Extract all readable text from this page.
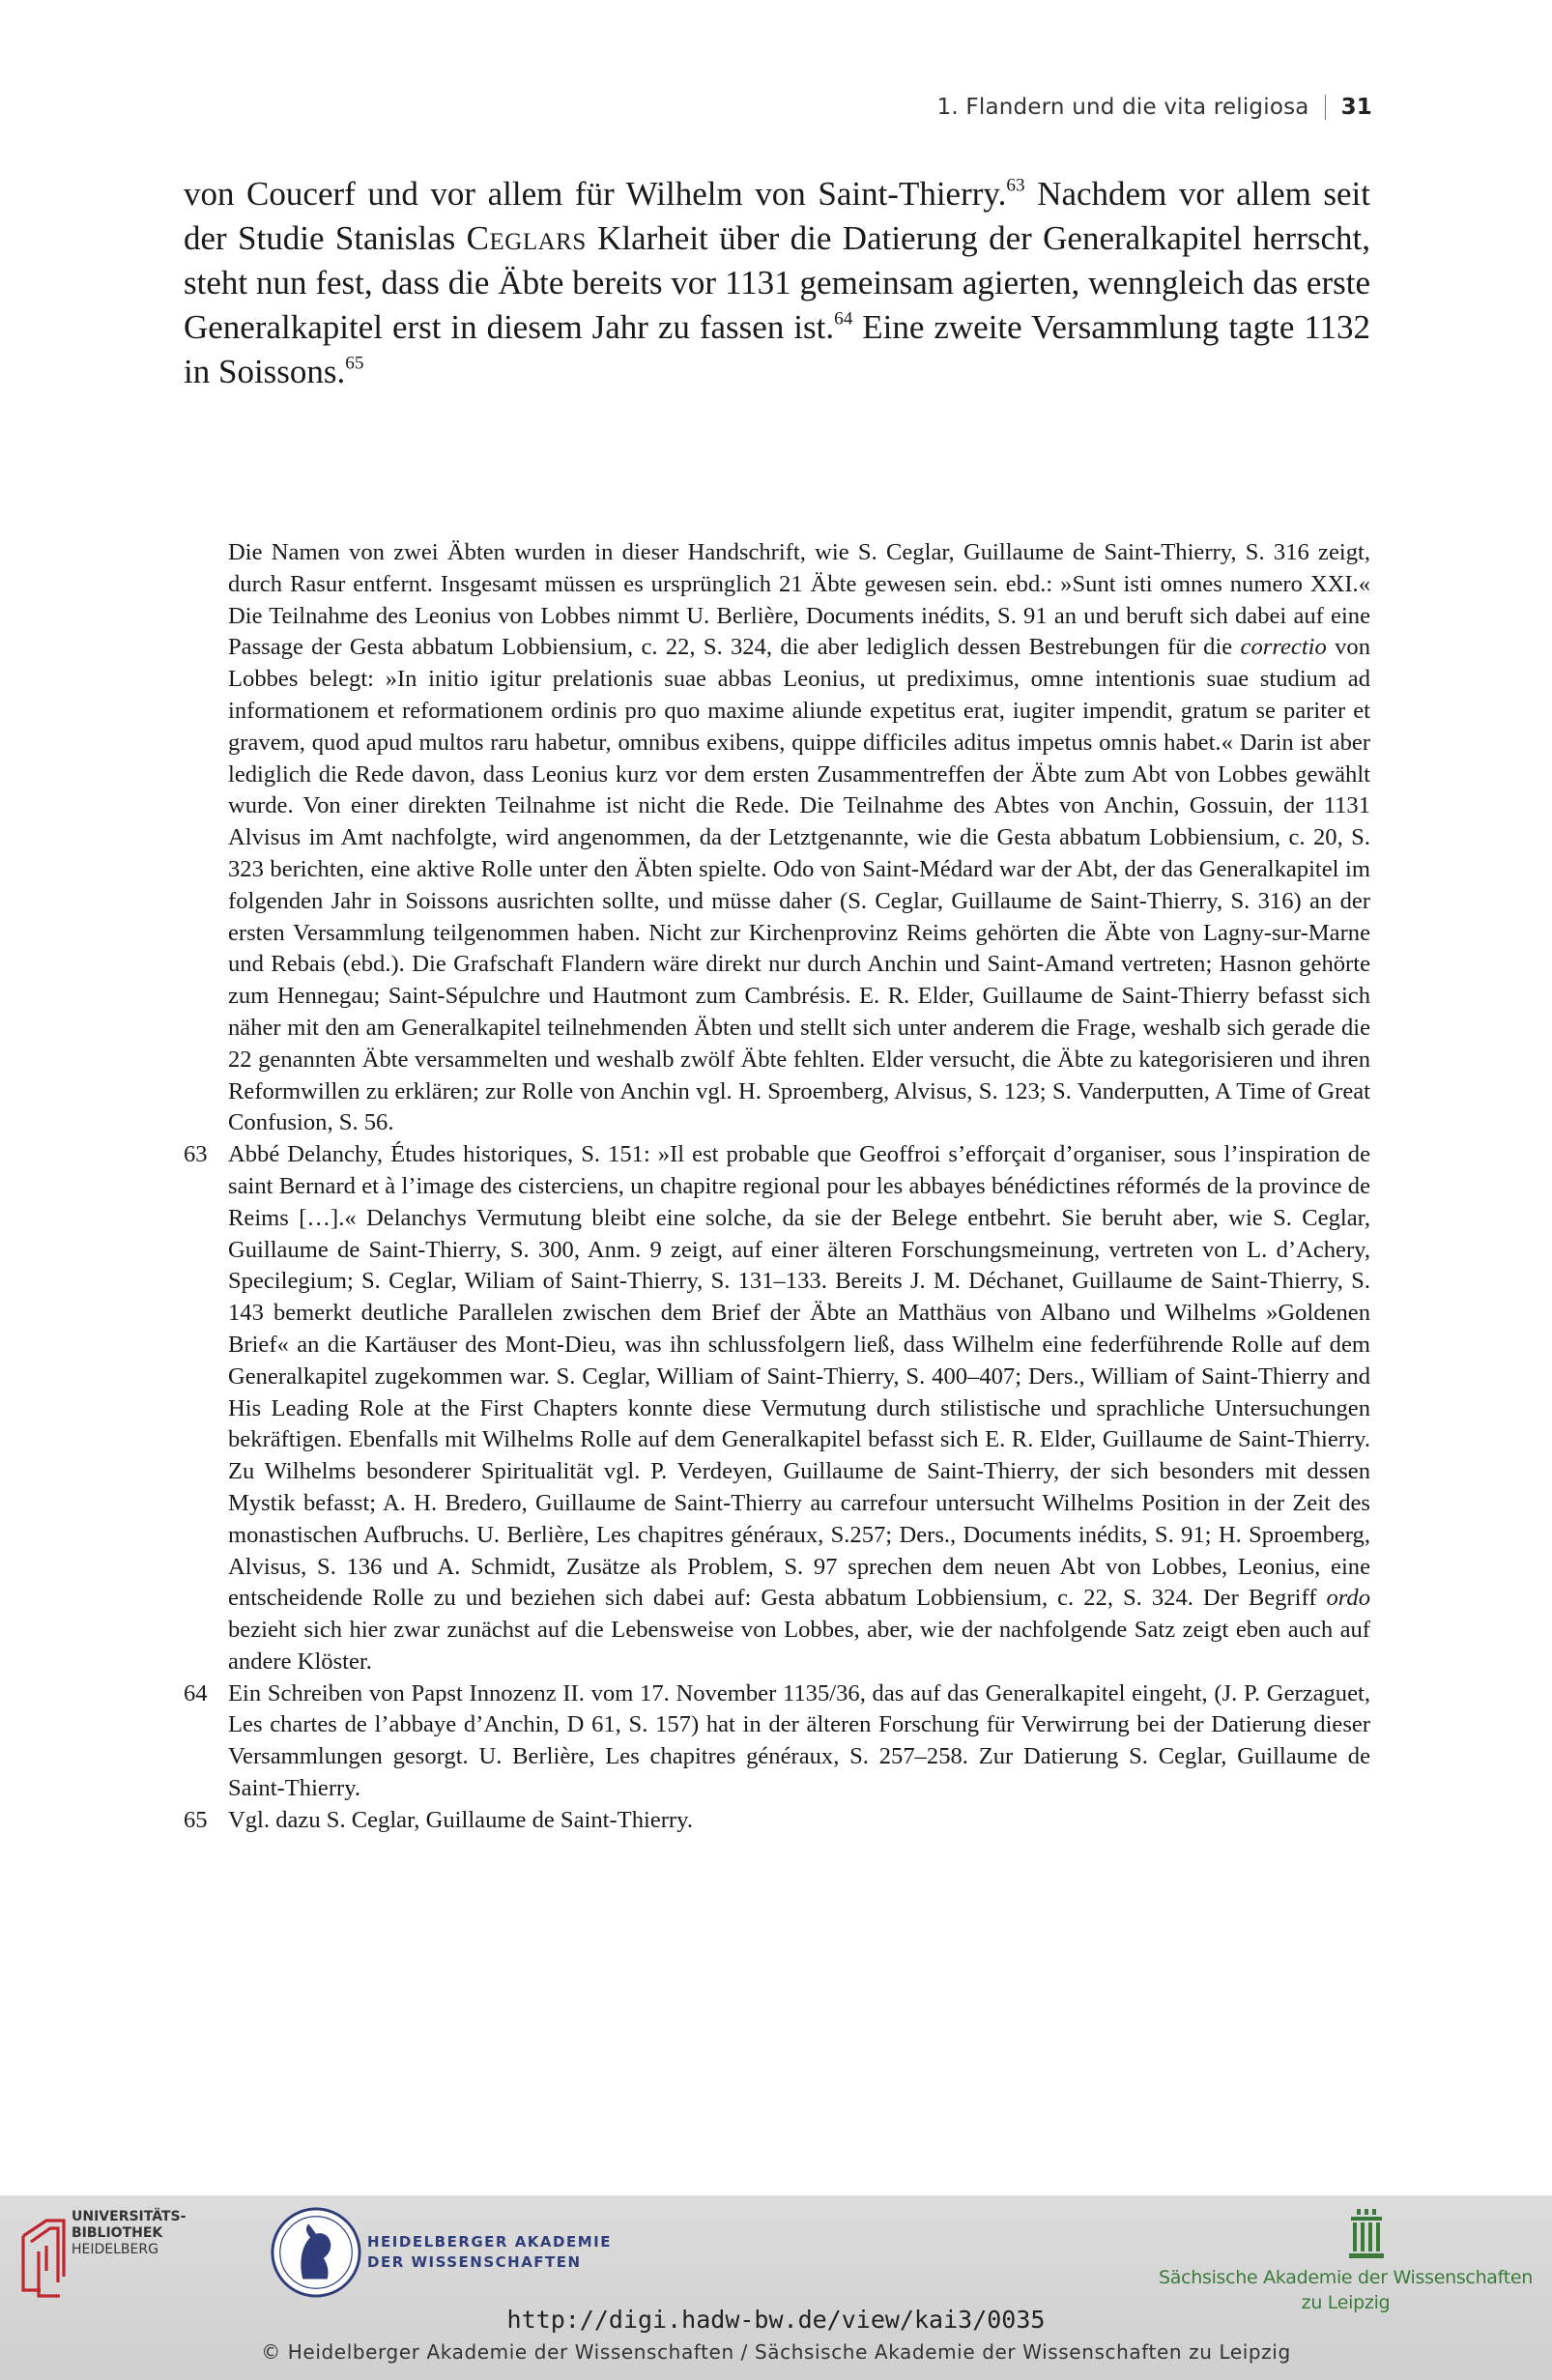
1. Flandern und die vita religiosa 31

von Coucerf und vor allem für Wilhelm von Saint-Thierry.$^{63}$ Nachdem vor allem seit der Studie Stanislas Ceglars Klarheit über die Datierung der Generalkapitel herrscht, steht nun fest, dass die Äbte bereits vor 1131 gemeinsam agierten, wenngleich das erste Generalkapitel erst in diesem Jahr zu fassen ist.$^{64}$ Eine zweite Versammlung tagte 1132 in Soissons.$^{65}$

Die Namen von zwei Äbten wurden in dieser Handschrift, wie S. Ceglar, Guillaume de Saint-Thierry, S. 316 zeigt, durch Rasur entfernt. Insgesamt müssen es ursprünglich 21 Äbte gewesen sein. ebd.: »Sunt isti omnes numero XXI.« Die Teilnahme des Leonius von Lobbes nimmt U. Berlière, Documents inédits, S. 91 an und beruft sich dabei auf eine Passage der Gesta abbatum Lobbiensium, c. 22, S. 324, die aber lediglich dessen Bestrebungen für die correctio von Lobbes belegt: »In initio igitur prelationis suae abbas Leonius, ut prediximus, omne intentionis suae studium ad informationem et reformationem ordinis pro quo maxime aliunde expetitus erat, iugiter impendit, gratum se pariter et gravem, quod apud multos raru habetur, omnibus exibens, quippe difficiles aditus impetus omnis habet.« Darin ist aber lediglich die Rede davon, dass Leonius kurz vor dem ersten Zusammentreffen der Äbte zum Abt von Lobbes gewählt wurde. Von einer direkten Teilnahme ist nicht die Rede. Die Teilnahme des Abtes von Anchin, Gossuin, der 1131 Alvisus im Amt nachfolgte, wird angenommen, da der Letztgenannte, wie die Gesta abbatum Lobbiensium, c. 20, S. 323 berichten, eine aktive Rolle unter den Äbten spielte. Odo von Saint-Médard war der Abt, der das Generalkapitel im folgenden Jahr in Soissons ausrichten sollte, und müsse daher (S. Ceglar, Guillaume de Saint-Thierry, S. 316) an der ersten Versammlung teilgenommen haben. Nicht zur Kirchenprovinz Reims gehörten die Äbte von Lagny-sur-Marne und Rebais (ebd.). Die Grafschaft Flandern wäre direkt nur durch Anchin und Saint-Amand vertreten; Hasnon gehörte zum Hennegau; Saint-Sépulchre und Hautmont zum Cambrésis. E. R. Elder, Guillaume de Saint-Thierry befasst sich näher mit den am Generalkapitel teilnehmenden Äbten und stellt sich unter anderem die Frage, weshalb sich gerade die 22 genannten Äbte versammelten und weshalb zwölf Äbte fehlten. Elder versucht, die Äbte zu kategorisieren und ihren Reformwillen zu erklären; zur Rolle von Anchin vgl. H. Sproemberg, Alvisus, S. 123; S. Vanderputten, A Time of Great Confusion, S. 56.
63 Abbé Delanchy, Études historiques, S. 151: »Il est probable que Geoffroi s’efforçait d’organiser, sous l’inspiration de saint Bernard et à l’image des cisterciens, un chapitre regional pour les abbayes bénédictines réformés de la province de Reims […].« Delanchys Vermutung bleibt eine solche, da sie der Belege entbehrt. Sie beruht aber, wie S. Ceglar, Guillaume de Saint-Thierry, S. 300, Anm. 9 zeigt, auf einer älteren Forschungsmeinung, vertreten von L. d’Achery, Specilegium; S. Ceglar, Wiliam of Saint-Thierry, S. 131–133. Bereits J. M. Déchanet, Guillaume de Saint-Thierry, S. 143 bemerkt deutliche Parallelen zwischen dem Brief der Äbte an Matthäus von Albano und Wilhelms »Goldenen Brief« an die Kartäuser des Mont-Dieu, was ihn schlussfolgern ließ, dass Wilhelm eine federführende Rolle auf dem Generalkapitel zugekommen war. S. Ceglar, William of Saint-Thierry, S. 400–407; Ders., William of Saint-Thierry and His Leading Role at the First Chapters konnte diese Vermutung durch stilistische und sprachliche Untersuchungen bekräftigen. Ebenfalls mit Wilhelms Rolle auf dem Generalkapitel befasst sich E. R. Elder, Guillaume de Saint-Thierry. Zu Wilhelms besonderer Spiritualität vgl. P. Verdeyen, Guillaume de Saint-Thierry, der sich besonders mit dessen Mystik befasst; A. H. Bredero, Guillaume de Saint-Thierry au carrefour untersucht Wilhelms Position in der Zeit des monastischen Aufbruchs. U. Berlière, Les chapitres généraux, S.257; Ders., Documents inédits, S. 91; H. Sproemberg, Alvisus, S. 136 und A. Schmidt, Zusätze als Problem, S. 97 sprechen dem neuen Abt von Lobbes, Leonius, eine entscheidende Rolle zu und beziehen sich dabei auf: Gesta abbatum Lobbiensium, c. 22, S. 324. Der Begriff ordo bezieht sich hier zwar zunächst auf die Lebensweise von Lobbes, aber, wie der nachfolgende Satz zeigt eben auch auf andere Klöster.
64 Ein Schreiben von Papst Innozenz II. vom 17. November 1135/36, das auf das Generalkapitel eingeht, (J. P. Gerzaguet, Les chartes de l’abbaye d’Anchin, D 61, S. 157) hat in der älteren Forschung für Verwirrung bei der Datierung dieser Versammlungen gesorgt. U. Berlière, Les chapitres généraux, S. 257–258. Zur Datierung S. Ceglar, Guillaume de Saint-Thierry.
65 Vgl. dazu S. Ceglar, Guillaume de Saint-Thierry.
UNIVERSITÄTS-
BIBLIOTHEK
HEIDELBERG	HEIDELBERGER AKADEMIE
DER WISSENSCHAFTEN
Sächsische Akademie der Wissenschaften
zu Leipzig
http://digi.hadw-bw.de/view/kai3/0035
© Heidelberger Akademie der Wissenschaften / Sächsische Akademie der Wissenschaften zu Leipzig
